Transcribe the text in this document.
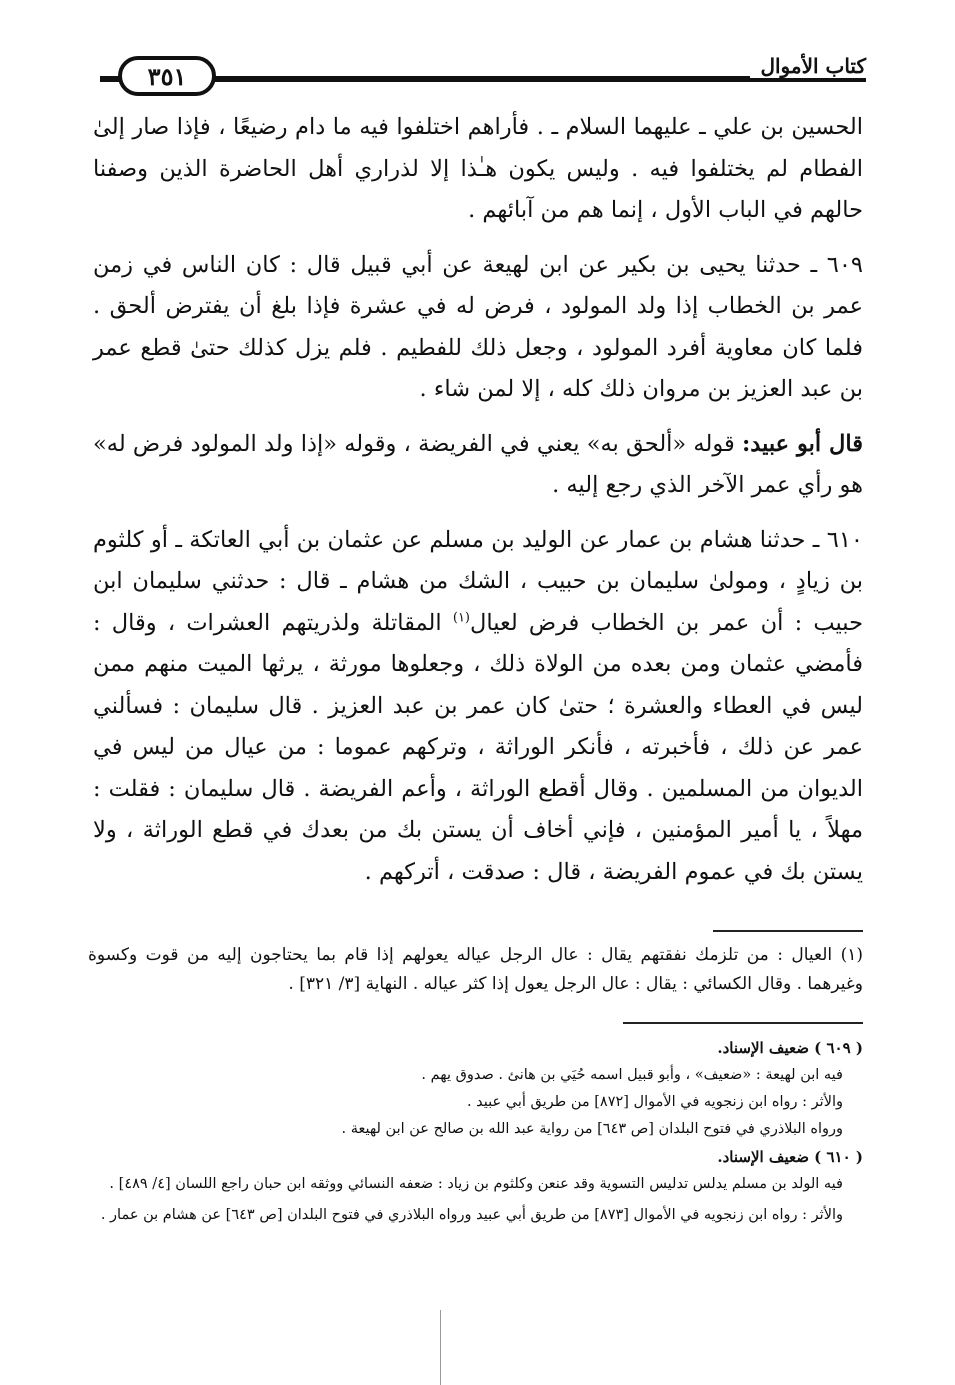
كتاب الأموال
٣٥١

الحسين بن علي ـ عليهما السلام ـ . فأراهم اختلفوا فيه ما دام رضيعًا ، فإذا صار إلىٰ الفطام لم يختلفوا فيه . وليس يكون هـٰذا إلا لذراري أهل الحاضرة الذين وصفنا حالهم في الباب الأول ، إنما هم من آبائهم .

٦٠٩ ـ حدثنا يحيى بن بكير عن ابن لهيعة عن أبي قبيل قال : كان الناس في زمن عمر بن الخطاب إذا ولد المولود ، فرض له في عشرة فإذا بلغ أن يفترض ألحق . فلما كان معاوية أفرد المولود ، وجعل ذلك للفطيم . فلم يزل كذلك حتىٰ قطع عمر بن عبد العزيز بن مروان ذلك كله ، إلا لمن شاء .

قال أبو عبيد: قوله «ألحق به» يعني في الفريضة ، وقوله «إذا ولد المولود فرض له» هو رأي عمر الآخر الذي رجع إليه .

٦١٠ ـ حدثنا هشام بن عمار عن الوليد بن مسلم عن عثمان بن أبي العاتكة ـ أو كلثوم بن زيادٍ ، ومولىٰ سليمان بن حبيب ، الشك من هشام ـ قال : حدثني سليمان ابن حبيب : أن عمر بن الخطاب فرض لعيال$^{(١)}$ المقاتلة ولذريتهم العشرات ، وقال : فأمضي عثمان ومن بعده من الولاة ذلك ، وجعلوها مورثة ، يرثها الميت منهم ممن ليس في العطاء والعشرة ؛ حتىٰ كان عمر بن عبد العزيز . قال سليمان : فسألني عمر عن ذلك ، فأخبرته ، فأنكر الوراثة ، وتركهم عموما : من عيال من ليس في الديوان من المسلمين . وقال أقطع الوراثة ، وأعم الفريضة . قال سليمان : فقلت : مهلاً ، يا أمير المؤمنين ، فإني أخاف أن يستن بك من بعدك في قطع الوراثة ، ولا يستن بك في عموم الفريضة ، قال : صدقت ، أتركهم .

(١) العيال : من تلزمك نفقتهم يقال : عال الرجل عياله يعولهم إذا قام بما يحتاجون إليه من قوت وكسوة وغيرهما . وقال الكسائي : يقال : عال الرجل يعول إذا كثر عياله . النهاية [٣/ ٣٢١] .

( ٦٠٩ ) ضعيف الإسناد.

فيه ابن لهيعة : «ضعيف» ، وأبو قبيل اسمه حُيَي بن هانئ . صدوق يهم .

والأثر : رواه ابن زنجويه في الأموال [٨٧٢] من طريق أبي عبيد .

ورواه البلاذري في فتوح البلدان [ص ٦٤٣] من رواية عبد الله بن صالح عن ابن لهيعة .

( ٦١٠ ) ضعيف الإسناد.

فيه الولد بن مسلم يدلس تدليس التسوية وقد عنعن وكلثوم بن زياد : ضعفه النسائي ووثقه ابن حبان راجع اللسان [٤/ ٤٨٩] .

والأثر : رواه ابن زنجويه في الأموال [٨٧٣] من طريق أبي عبيد ورواه البلاذري في فتوح البلدان [ص ٦٤٣] عن هشام بن عمار .
